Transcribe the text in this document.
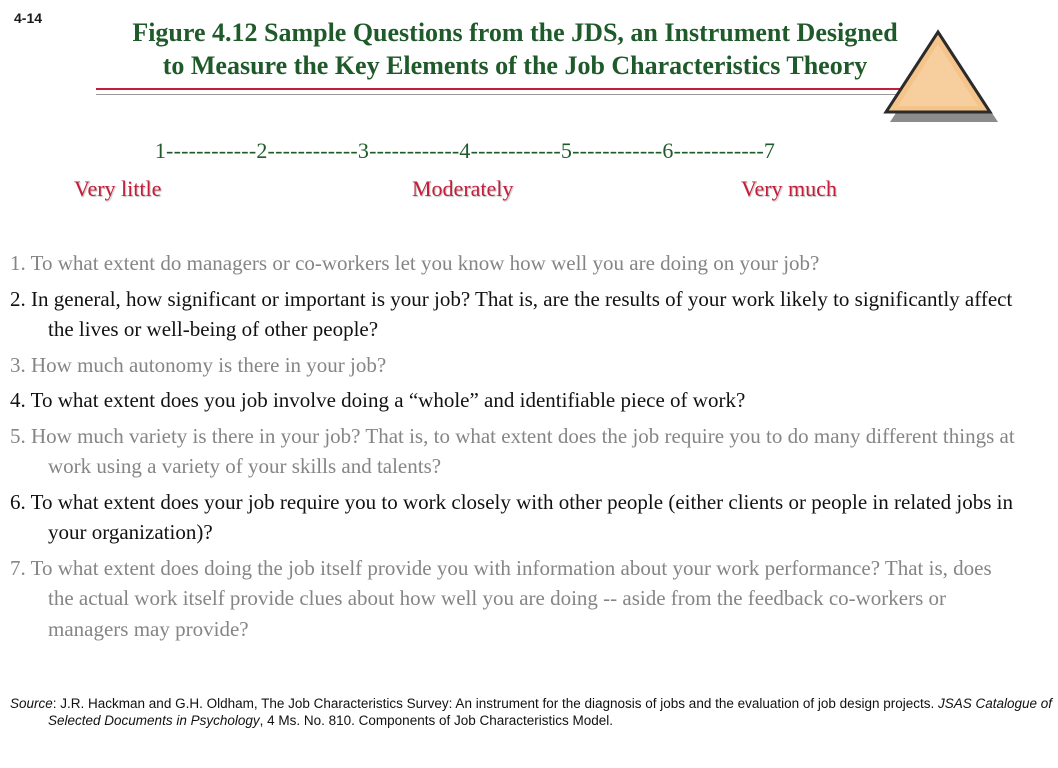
4-14	Figure 4.12 Sample Questions from the JDS, an Instrument Designed
to Measure the Key Elements of the Job Characteristics Theory
1------------2------------3------------4------------5------------6------------7
Very little	Moderately	Very much
1. To what extent do managers or co-workers let you know how well you are doing on your job?
2. In general, how significant or important is your job? That is, are the results of your work likely to significantly affect the lives or well-being of other people?
3. How much autonomy is there in your job?
4. To what extent does you job involve doing a “whole” and identifiable piece of work?
5. How much variety is there in your job? That is, to what extent does the job require you to do many different things at work using a variety of your skills and talents?
6. To what extent does your job require you to work closely with other people (either clients or people in related jobs in your organization)?
7. To what extent does doing the job itself provide you with information about your work performance? That is, does the actual work itself provide clues about how well you are doing -- aside from the feedback co-workers or managers may provide?
Source: J.R. Hackman and G.H. Oldham, The Job Characteristics Survey: An instrument for the diagnosis of jobs and the evaluation of job design projects. JSAS Catalogue of Selected Documents in Psychology, 4 Ms. No. 810. Components of Job Characteristics Model.
